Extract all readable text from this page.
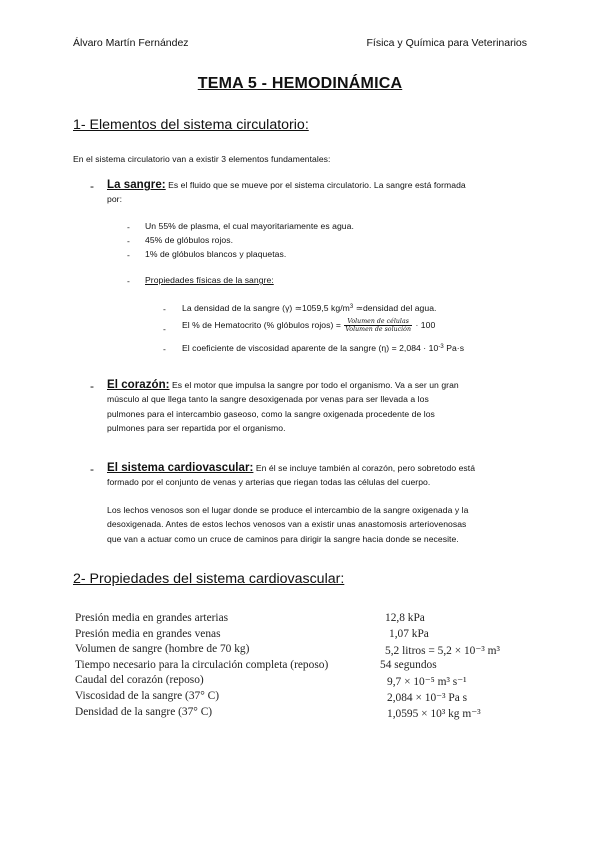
Álvaro Martín Fernández	Física y Química para Veterinarios
TEMA 5 - HEMODINÁMICA
1- Elementos del sistema circulatorio:
En el sistema circulatorio van a existir 3 elementos fundamentales:
- La sangre: Es el fluido que se mueve por el sistema circulatorio. La sangre está formada
por:
- Un 55% de plasma, el cual mayoritariamente es agua.
- 45% de glóbulos rojos.
- 1% de glóbulos blancos y plaquetas.
- Propiedades físicas de la sangre:
- La densidad de la sangre (γ) ≃1059,5 $kg/m^3$ ≃densidad del agua.
- El % de Hematocrito (% glóbulos rojos) = $\frac{\text{Volumen de células}}{\text{Volumen de solución}} \cdot 100$
- El coeficiente de viscosidad aparente de la sangre $(\eta) = 2,084 \cdot 10^{-3}$ Pa·s
- El corazón: Es el motor que impulsa la sangre por todo el organismo. Va a ser un gran
músculo al que llega tanto la sangre desoxigenada por venas para ser llevada a los
pulmones para el intercambio gaseoso, como la sangre oxigenada procedente de los
pulmones para ser repartida por el organismo.
- El sistema cardiovascular: En él se incluye también al corazón, pero sobretodo está
formado por el conjunto de venas y arterias que riegan todas las células del cuerpo.
Los lechos venosos son el lugar donde se produce el intercambio de la sangre oxigenada y la
desoxigenada. Antes de estos lechos venosos van a existir unas anastomosis arteriovenosas
que van a actuar como un cruce de caminos para dirigir la sangre hacia donde se necesite.
2- Propiedades del sistema cardiovascular:
Presión media en grandes arterias	12,8 kPa
Presión media en grandes venas	1,07 kPa
Volumen de sangre (hombre de 70 kg)	5,2 litros = 5,2 × 10⁻³ m³
Tiempo necesario para la circulación completa (reposo)	54 segundos
Caudal del corazón (reposo)	9,7 × 10⁻⁵ m³ s⁻¹
Viscosidad de la sangre (37° C)	2,084 × 10⁻³ Pa s
Densidad de la sangre (37° C)	1,0595 × 10³ kg m⁻³
